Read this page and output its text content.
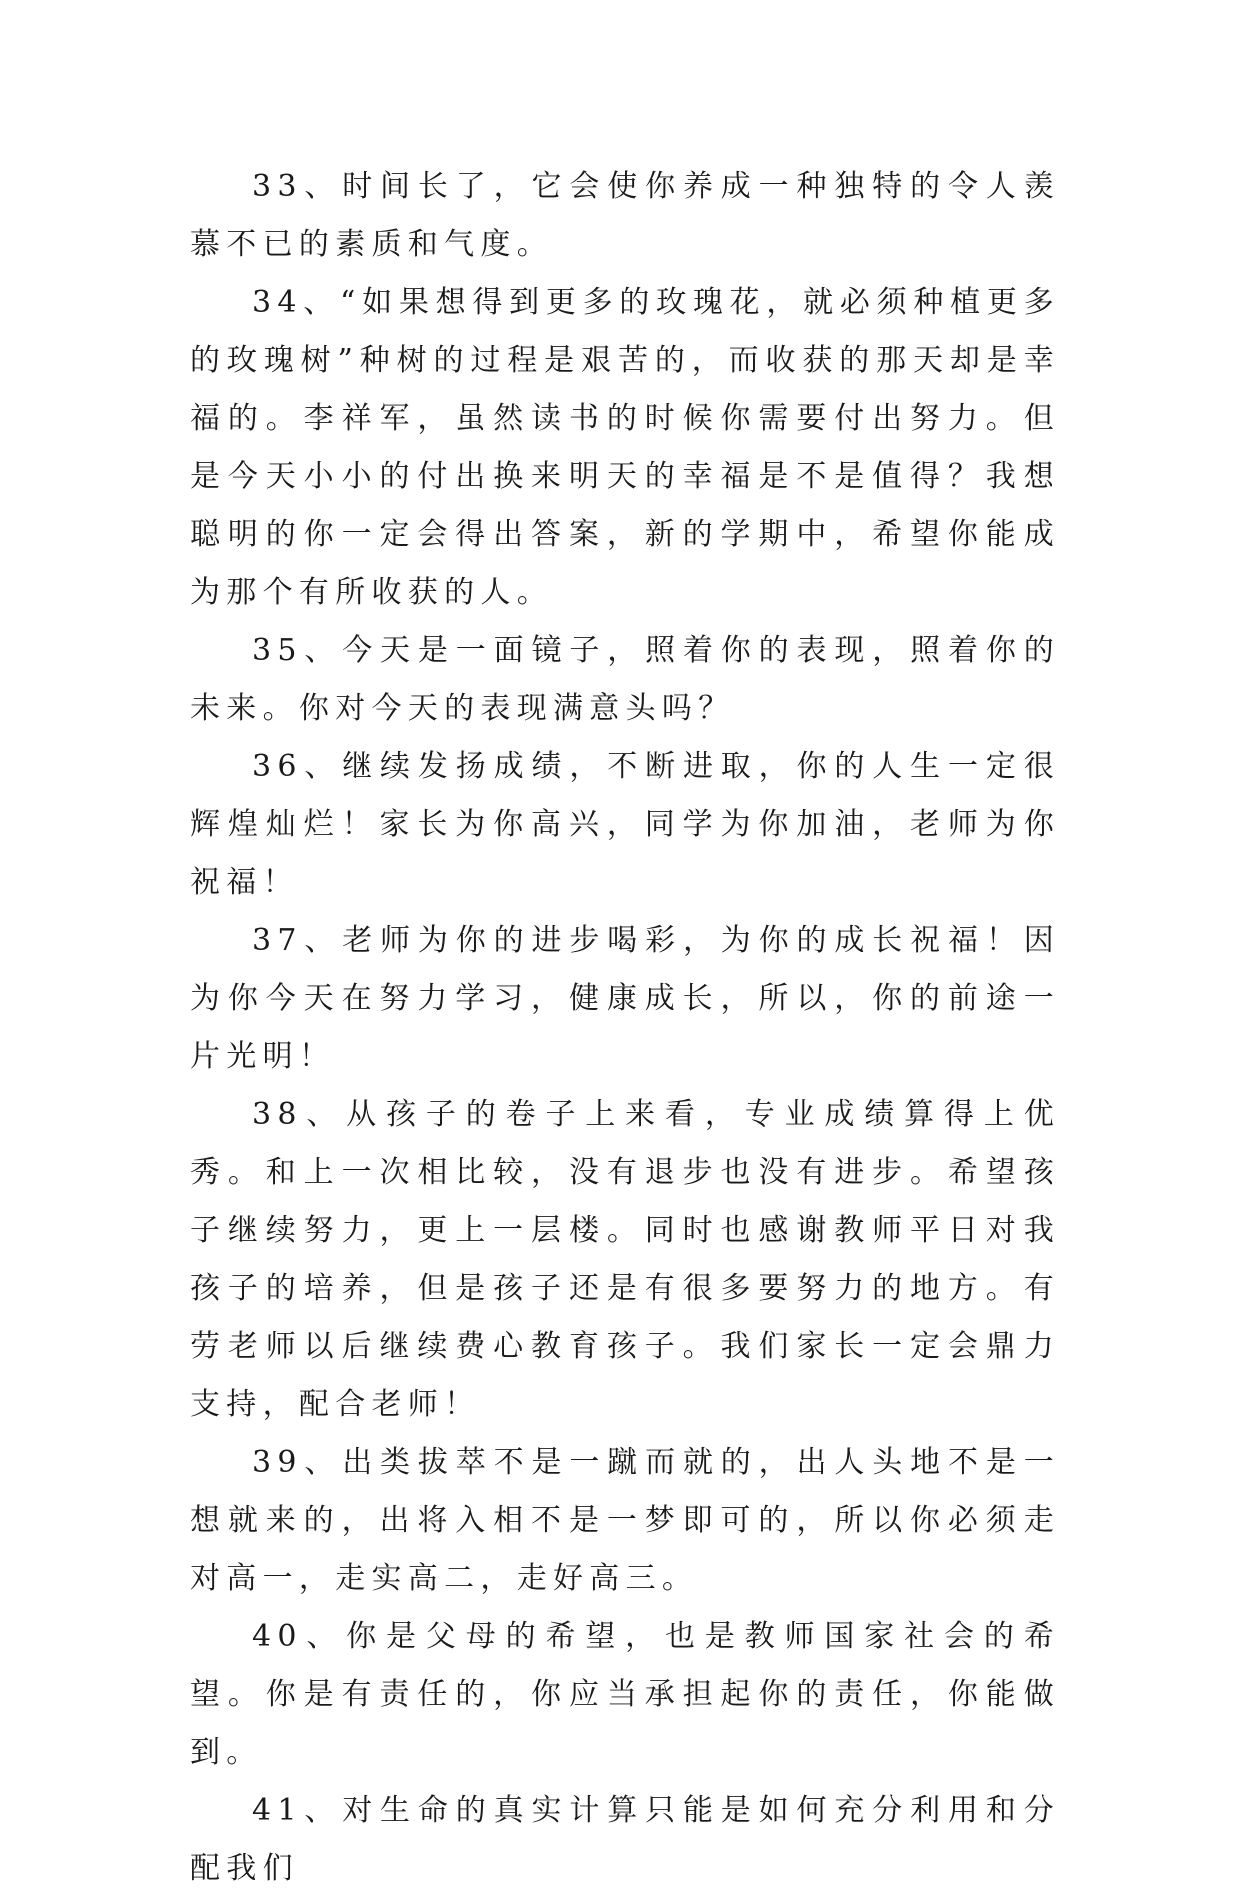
33、时间长了，它会使你养成一种独特的令人羡慕不已的素质和气度。

34、“如果想得到更多的玫瑰花，就必须种植更多的玫瑰树”种树的过程是艰苦的，而收获的那天却是幸福的。李祥军，虽然读书的时候你需要付出努力。但是今天小小的付出换来明天的幸福是不是值得？我想聪明的你一定会得出答案，新的学期中，希望你能成为那个有所收获的人。

35、今天是一面镜子，照着你的表现，照着你的未来。你对今天的表现满意头吗？

36、继续发扬成绩，不断进取，你的人生一定很辉煌灿烂！家长为你高兴，同学为你加油，老师为你祝福！

37、老师为你的进步喝彩，为你的成长祝福！因为你今天在努力学习，健康成长，所以，你的前途一片光明！

38、从孩子的卷子上来看，专业成绩算得上优秀。和上一次相比较，没有退步也没有进步。希望孩子继续努力，更上一层楼。同时也感谢教师平日对我孩子的培养，但是孩子还是有很多要努力的地方。有劳老师以后继续费心教育孩子。我们家长一定会鼎力支持，配合老师！

39、出类拔萃不是一蹴而就的，出人头地不是一想就来的，出将入相不是一梦即可的，所以你必须走对高一，走实高二，走好高三。

40、你是父母的希望，也是教师国家社会的希望。你是有责任的，你应当承担起你的责任，你能做到。

41、对生命的真实计算只能是如何充分利用和分配我们
